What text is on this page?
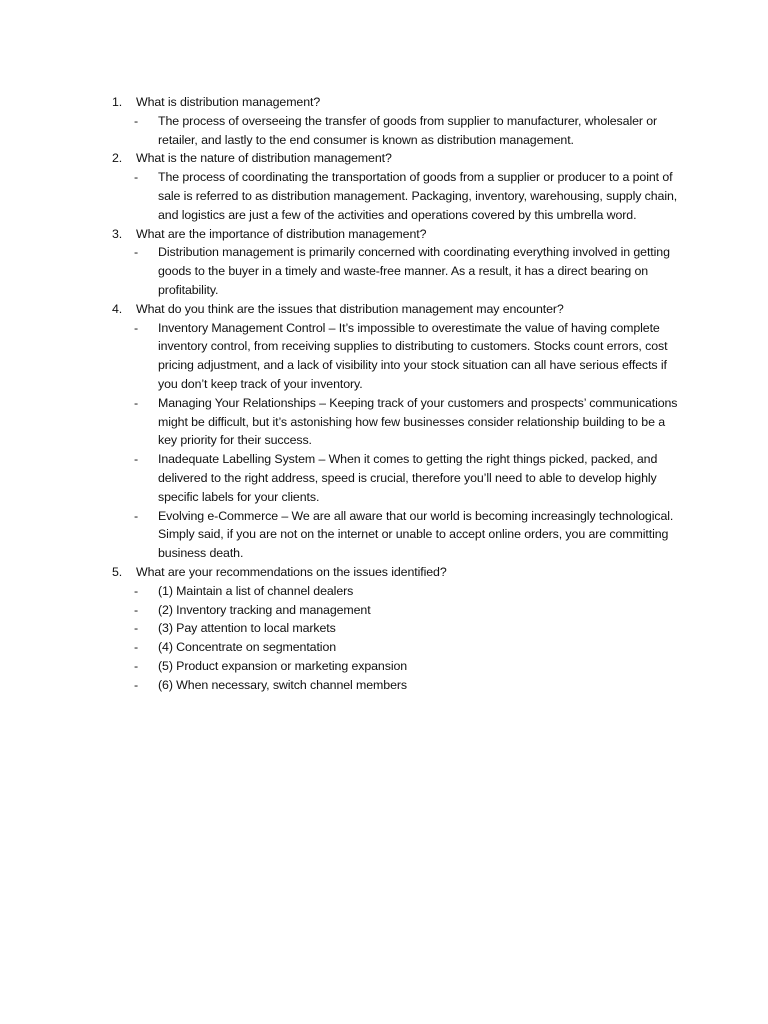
1.	What is distribution management?
-	The process of overseeing the transfer of goods from supplier to manufacturer, wholesaler or retailer, and lastly to the end consumer is known as distribution management.
2.	What is the nature of distribution management?
-	The process of coordinating the transportation of goods from a supplier or producer to a point of sale is referred to as distribution management. Packaging, inventory, warehousing, supply chain, and logistics are just a few of the activities and operations covered by this umbrella word.
3.	What are the importance of distribution management?
-	Distribution management is primarily concerned with coordinating everything involved in getting goods to the buyer in a timely and waste-free manner. As a result, it has a direct bearing on profitability.
4.	What do you think are the issues that distribution management may encounter?
-	Inventory Management Control – It’s impossible to overestimate the value of having complete inventory control, from receiving supplies to distributing to customers. Stocks count errors, cost pricing adjustment, and a lack of visibility into your stock situation can all have serious effects if you don’t keep track of your inventory.
-	Managing Your Relationships – Keeping track of your customers and prospects’ communications might be difficult, but it’s astonishing how few businesses consider relationship building to be a key priority for their success.
-	Inadequate Labelling System – When it comes to getting the right things picked, packed, and delivered to the right address, speed is crucial, therefore you’ll need to able to develop highly specific labels for your clients.
-	Evolving e-Commerce – We are all aware that our world is becoming increasingly technological. Simply said, if you are not on the internet or unable to accept online orders, you are committing business death.
5.	What are your recommendations on the issues identified?
-	(1) Maintain a list of channel dealers
-	(2) Inventory tracking and management
-	(3) Pay attention to local markets
-	(4) Concentrate on segmentation
-	(5) Product expansion or marketing expansion
-	(6) When necessary, switch channel members
